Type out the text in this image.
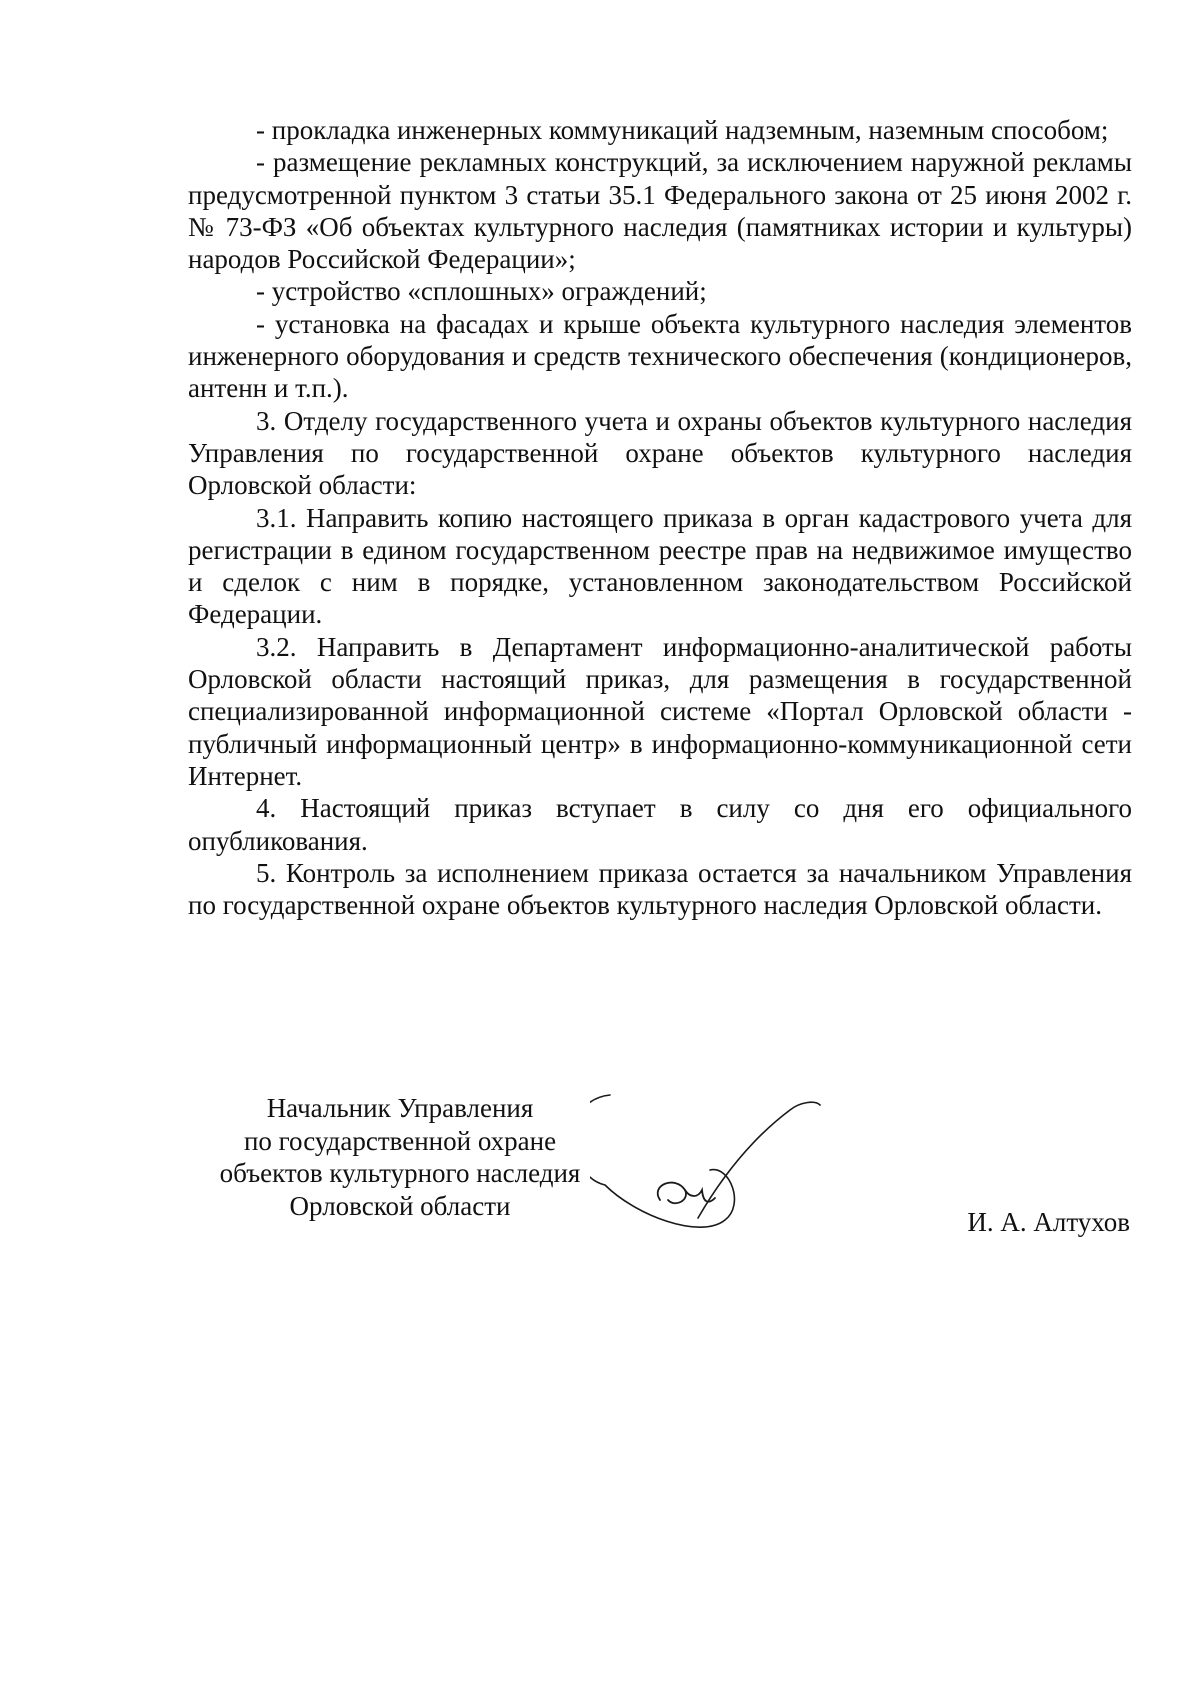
- прокладка инженерных коммуникаций надземным, наземным способом;

- размещение рекламных конструкций, за исключением наружной рекламы предусмотренной пунктом 3 статьи 35.1 Федерального закона от 25 июня 2002 г. № 73-ФЗ «Об объектах культурного наследия (памятниках истории и культуры) народов Российской Федерации»;

- устройство «сплошных» ограждений;

- установка на фасадах и крыше объекта культурного наследия элементов инженерного оборудования и средств технического обеспечения (кондиционеров, антенн и т.п.).

3. Отделу государственного учета и охраны объектов культурного наследия Управления по государственной охране объектов культурного наследия Орловской области:

3.1. Направить копию настоящего приказа в орган кадастрового учета для регистрации в едином государственном реестре прав на недвижимое имущество и сделок с ним в порядке, установленном законодательством Российской Федерации.

3.2. Направить в Департамент информационно-аналитической работы Орловской области настоящий приказ, для размещения в государственной специализированной информационной системе «Портал Орловской области - публичный информационный центр» в информационно-коммуникационной сети Интернет.

4. Настоящий приказ вступает в силу со дня его официального опубликования.

5. Контроль за исполнением приказа остается за начальником Управления по государственной охране объектов культурного наследия Орловской области.

Начальник Управления
по государственной охране
объектов культурного наследия
Орловской области
И. А. Алтухов
